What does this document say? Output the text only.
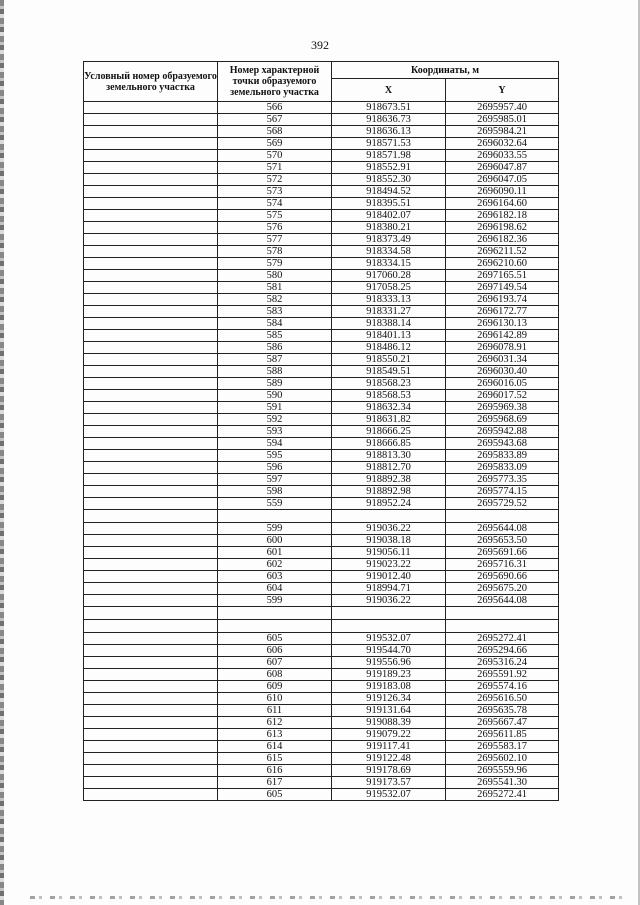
392
Условный номер образуемого земельного участка	Номер характерной точки образуемого земельного участка	Координаты, м	
		X	Y
	566	918673.51	2695957.40
	567	918636.73	2695985.01
	568	918636.13	2695984.21
	569	918571.53	2696032.64
	570	918571.98	2696033.55
	571	918552.91	2696047.87
	572	918552.30	2696047.05
	573	918494.52	2696090.11
	574	918395.51	2696164.60
	575	918402.07	2696182.18
	576	918380.21	2696198.62
	577	918373.49	2696182.36
	578	918334.58	2696211.52
	579	918334.15	2696210.60
	580	917060.28	2697165.51
	581	917058.25	2697149.54
	582	918333.13	2696193.74
	583	918331.27	2696172.77
	584	918388.14	2696130.13
	585	918401.13	2696142.89
	586	918486.12	2696078.91
	587	918550.21	2696031.34
	588	918549.51	2696030.40
	589	918568.23	2696016.05
	590	918568.53	2696017.52
	591	918632.34	2695969.38
	592	918631.82	2695968.69
	593	918666.25	2695942.88
	594	918666.85	2695943.68
	595	918813.30	2695833.89
	596	918812.70	2695833.09
	597	918892.38	2695773.35
	598	918892.98	2695774.15
	559	918952.24	2695729.52

	599	919036.22	2695644.08
	600	919038.18	2695653.50
	601	919056.11	2695691.66
	602	919023.22	2695716.31
	603	919012.40	2695690.66
	604	918994.71	2695675.20
	599	919036.22	2695644.08

	605	919532.07	2695272.41
	606	919544.70	2695294.66
	607	919556.96	2695316.24
	608	919189.23	2695591.92
	609	919183.08	2695574.16
	610	919126.34	2695616.50
	611	919131.64	2695635.78
	612	919088.39	2695667.47
	613	919079.22	2695611.85
	614	919117.41	2695583.17
	615	919122.48	2695602.10
	616	919178.69	2695559.96
	617	919173.57	2695541.30
	605	919532.07	2695272.41
